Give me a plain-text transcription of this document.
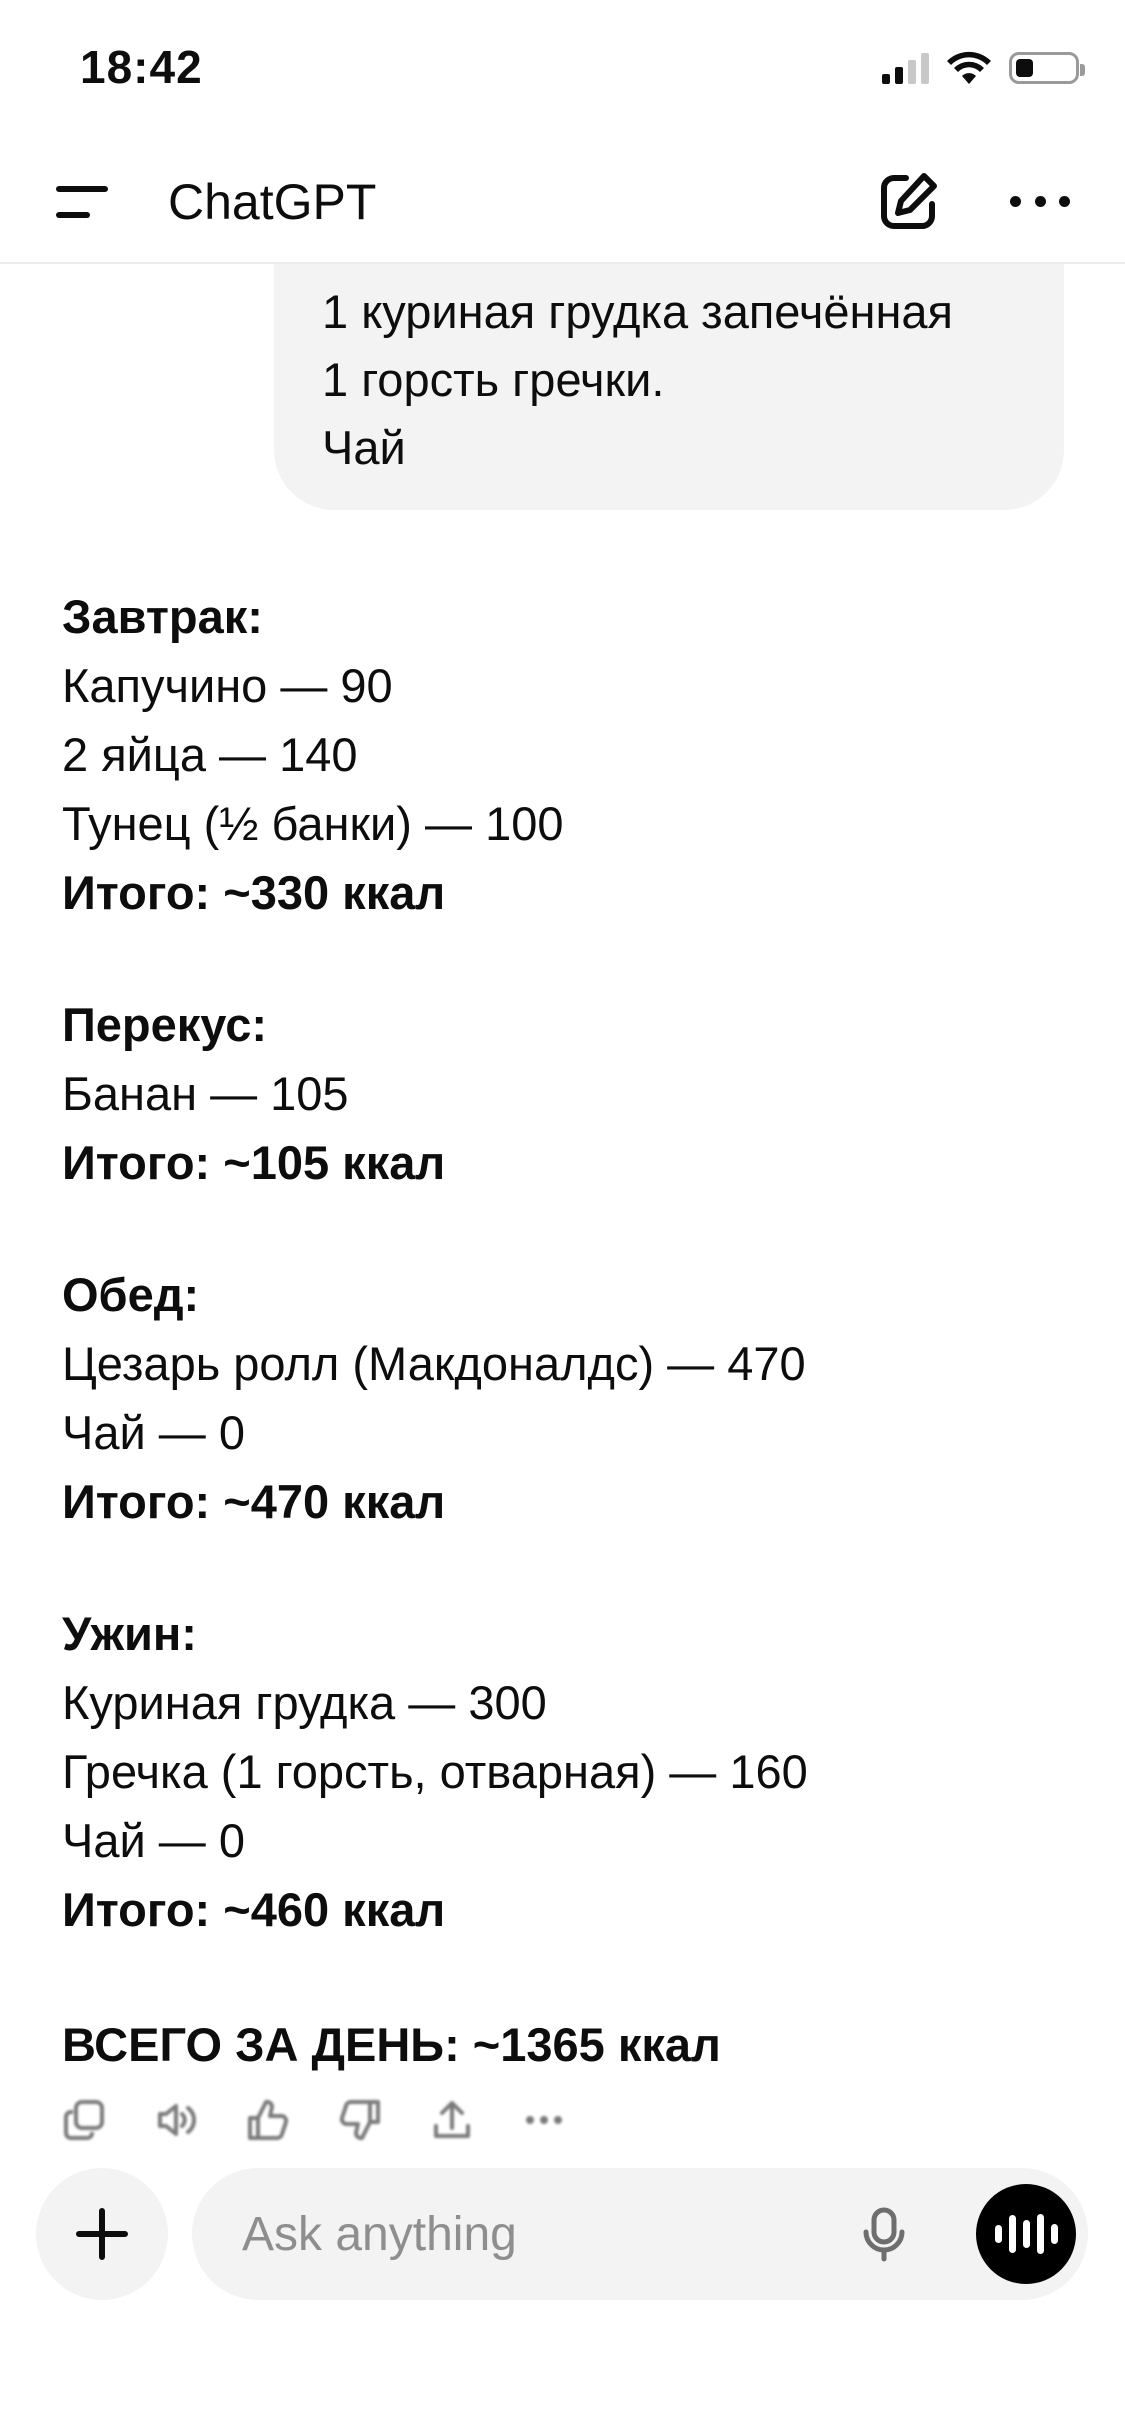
18:42
ChatGPT
1 куриная грудка запечённая
1 горсть гречки.
Чай
Завтрак:
Капучино — 90
2 яйца — 140
Тунец (½ банки) — 100
Итого: ~330 ккал
Перекус:
Банан — 105
Итого: ~105 ккал
Обед:
Цезарь ролл (Макдоналдс) — 470
Чай — 0
Итого: ~470 ккал
Ужин:
Куриная грудка — 300
Гречка (1 горсть, отварная) — 160
Чай — 0
Итого: ~460 ккал
ВСЕГО ЗА ДЕНЬ: ~1365 ккал
Ask anything
